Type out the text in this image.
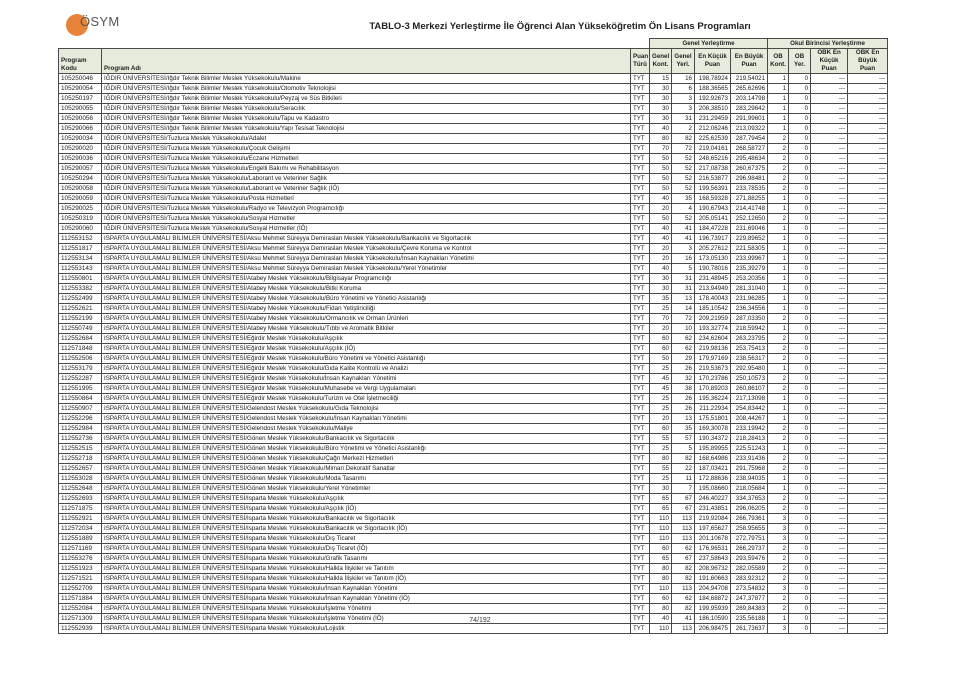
ÖSYM	TABLO-3 Merkezi Yerleştirme İle Öğrenci Alan Yükseköğretim Ön Lisans Programları
			Genel Yerleştirme				Okul Birincisi Yerleştirme			
Program Kodu	Program Adı	Puan Türü	Genel Kont.	Genel Yerl.	En Küçük Puan	En Büyük Puan	OB Kont.	OB Yer.	OBK En Küçük Puan	OBK En Büyük Puan
105250046	IĞDIR ÜNİVERSİTESİ/Iğdır Teknik Bilimler Meslek Yüksekokulu/Makine	TYT	15	16	198,78924	219,54021	1	0	---	---
105290054	IĞDIR ÜNİVERSİTESİ/Iğdır Teknik Bilimler Meslek Yüksekokulu/Otomotiv Teknolojisi	TYT	30	6	188,36565	265,62696	1	0	---	---
105250197	IĞDIR ÜNİVERSİTESİ/Iğdır Teknik Bilimler Meslek Yüksekokulu/Peyzaj ve Süs Bitkileri	TYT	30	3	192,92673	203,14798	1	0	---	---
105290055	IĞDIR ÜNİVERSİTESİ/Iğdır Teknik Bilimler Meslek Yüksekokulu/Seracılık	TYT	30	3	208,38510	283,29642	1	0	---	---
105290056	IĞDIR ÜNİVERSİTESİ/Iğdır Teknik Bilimler Meslek Yüksekokulu/Tapu ve Kadastro	TYT	30	31	231,29459	291,99601	1	0	---	---
105290066	IĞDIR ÜNİVERSİTESİ/Iğdır Teknik Bilimler Meslek Yüksekokulu/Yapı Tesisat Teknolojisi	TYT	40	2	212,06246	213,09322	1	0	---	---
105290034	IĞDIR ÜNİVERSİTESİ/Tuzluca Meslek Yüksekokulu/Adalet	TYT	80	82	225,62539	287,79454	2	0	---	---
105290020	IĞDIR ÜNİVERSİTESİ/Tuzluca Meslek Yüksekokulu/Çocuk Gelişimi	TYT	70	72	219,04161	268,58727	2	0	---	---
105290036	IĞDIR ÜNİVERSİTESİ/Tuzluca Meslek Yüksekokulu/Eczane Hizmetleri	TYT	50	52	248,65216	295,48634	2	0	---	---
105290057	IĞDIR ÜNİVERSİTESİ/Tuzluca Meslek Yüksekokulu/Engelli Bakımı ve Rehabilitasyon	TYT	50	52	217,08738	260,67375	2	0	---	---
105250294	IĞDIR ÜNİVERSİTESİ/Tuzluca Meslek Yüksekokulu/Laborant ve Veteriner Sağlık	TYT	50	52	216,53877	296,98481	2	0	---	---
105290058	IĞDIR ÜNİVERSİTESİ/Tuzluca Meslek Yüksekokulu/Laborant ve Veteriner Sağlık (İÖ)	TYT	50	52	199,56391	233,78535	2	0	---	---
105290059	IĞDIR ÜNİVERSİTESİ/Tuzluca Meslek Yüksekokulu/Posta Hizmetleri	TYT	40	35	168,59328	271,88255	1	0	---	---
105290025	IĞDIR ÜNİVERSİTESİ/Tuzluca Meslek Yüksekokulu/Radyo ve Televizyon Programcılığı	TYT	20	4	190,67943	214,41748	1	0	---	---
105250319	IĞDIR ÜNİVERSİTESİ/Tuzluca Meslek Yüksekokulu/Sosyal Hizmetler	TYT	50	52	205,05141	252,12650	2	0	---	---
105290060	IĞDIR ÜNİVERSİTESİ/Tuzluca Meslek Yüksekokulu/Sosyal Hizmetler (İÖ)	TYT	40	41	184,47228	231,69046	1	0	---	---
112553152	ISPARTA UYGULAMALI BİLİMLER ÜNİVERSİTESİ/Aksu Mehmet Süreyya Demiraslan Meslek Yüksekokulu/Bankacılık ve Sigortacılık	TYT	40	41	196,73917	229,89652	1	0	---	---
112551817	ISPARTA UYGULAMALI BİLİMLER ÜNİVERSİTESİ/Aksu Mehmet Süreyya Demiraslan Meslek Yüksekokulu/Çevre Koruma ve Kontrol	TYT	20	3	205,27612	221,58305	1	0	---	---
112553134	ISPARTA UYGULAMALI BİLİMLER ÜNİVERSİTESİ/Aksu Mehmet Süreyya Demiraslan Meslek Yüksekokulu/İnsan Kaynakları Yönetimi	TYT	20	16	173,05130	233,99967	1	0	---	---
112553143	ISPARTA UYGULAMALI BİLİMLER ÜNİVERSİTESİ/Aksu Mehmet Süreyya Demiraslan Meslek Yüksekokulu/Yerel Yönetimler	TYT	40	5	190,78016	235,39279	1	0	---	---
112550801	ISPARTA UYGULAMALI BİLİMLER ÜNİVERSİTESİ/Atabey Meslek Yüksekokulu/Bilgisayar Programcılığı	TYT	30	31	231,48945	253,20356	1	0	---	---
112553382	ISPARTA UYGULAMALI BİLİMLER ÜNİVERSİTESİ/Atabey Meslek Yüksekokulu/Bitki Koruma	TYT	30	31	213,94949	281,31040	1	0	---	---
112552499	ISPARTA UYGULAMALI BİLİMLER ÜNİVERSİTESİ/Atabey Meslek Yüksekokulu/Büro Yönetimi ve Yönetici Asistanlığı	TYT	35	13	178,40043	231,96285	1	0	---	---
112552621	ISPARTA UYGULAMALI BİLİMLER ÜNİVERSİTESİ/Atabey Meslek Yüksekokulu/Fidan Yetiştiriciliği	TYT	25	14	185,10542	236,34556	1	0	---	---
112552199	ISPARTA UYGULAMALI BİLİMLER ÜNİVERSİTESİ/Atabey Meslek Yüksekokulu/Ormancılık ve Orman Ürünleri	TYT	70	72	209,21959	287,03350	2	0	---	---
112550749	ISPARTA UYGULAMALI BİLİMLER ÜNİVERSİTESİ/Atabey Meslek Yüksekokulu/Tıbbi ve Aromatik Bitkiler	TYT	20	10	193,32774	218,59942	1	0	---	---
112552684	ISPARTA UYGULAMALI BİLİMLER ÜNİVERSİTESİ/Eğirdir Meslek Yüksekokulu/Aşçılık	TYT	60	62	234,62604	263,23795	2	0	---	---
112571848	ISPARTA UYGULAMALI BİLİMLER ÜNİVERSİTESİ/Eğirdir Meslek Yüksekokulu/Aşçılık (İÖ)	TYT	60	62	219,98136	253,75413	2	0	---	---
112552506	ISPARTA UYGULAMALI BİLİMLER ÜNİVERSİTESİ/Eğirdir Meslek Yüksekokulu/Büro Yönetimi ve Yönetici Asistanlığı	TYT	50	29	179,97169	238,56317	2	0	---	---
112553179	ISPARTA UYGULAMALI BİLİMLER ÜNİVERSİTESİ/Eğirdir Meslek Yüksekokulu/Gıda Kalite Kontrolü ve Analizi	TYT	25	26	219,53673	292,95480	1	0	---	---
112552287	ISPARTA UYGULAMALI BİLİMLER ÜNİVERSİTESİ/Eğirdir Meslek Yüksekokulu/İnsan Kaynakları Yönetimi	TYT	45	32	170,23786	250,10573	2	0	---	---
112551995	ISPARTA UYGULAMALI BİLİMLER ÜNİVERSİTESİ/Eğirdir Meslek Yüksekokulu/Muhasebe ve Vergi Uygulamaları	TYT	45	38	170,89203	260,86107	2	0	---	---
112550864	ISPARTA UYGULAMALI BİLİMLER ÜNİVERSİTESİ/Eğirdir Meslek Yüksekokulu/Turizm ve Otel İşletmeciliği	TYT	25	26	195,36224	217,13098	1	0	---	---
112550907	ISPARTA UYGULAMALI BİLİMLER ÜNİVERSİTESİ/Gelendost Meslek Yüksekokulu/Gıda Teknolojisi	TYT	25	26	211,22934	254,83442	1	0	---	---
112552296	ISPARTA UYGULAMALI BİLİMLER ÜNİVERSİTESİ/Gelendost Meslek Yüksekokulu/İnsan Kaynakları Yönetimi	TYT	20	13	175,51801	208,44267	1	0	---	---
112552984	ISPARTA UYGULAMALI BİLİMLER ÜNİVERSİTESİ/Gelendost Meslek Yüksekokulu/Maliye	TYT	60	35	169,30078	233,19942	2	0	---	---
112552736	ISPARTA UYGULAMALI BİLİMLER ÜNİVERSİTESİ/Gönen Meslek Yüksekokulu/Bankacılık ve Sigortacılık	TYT	55	57	190,34372	218,28413	2	0	---	---
112552515	ISPARTA UYGULAMALI BİLİMLER ÜNİVERSİTESİ/Gönen Meslek Yüksekokulu/Büro Yönetimi ve Yönetici Asistanlığı	TYT	25	5	195,89955	225,51243	1	0	---	---
112552718	ISPARTA UYGULAMALI BİLİMLER ÜNİVERSİTESİ/Gönen Meslek Yüksekokulu/Çağrı Merkezi Hizmetleri	TYT	80	82	168,64986	233,91436	2	0	---	---
112552657	ISPARTA UYGULAMALI BİLİMLER ÜNİVERSİTESİ/Gönen Meslek Yüksekokulu/Mimari Dekoratif Sanatlar	TYT	55	22	187,03421	291,75968	2	0	---	---
112553028	ISPARTA UYGULAMALI BİLİMLER ÜNİVERSİTESİ/Gönen Meslek Yüksekokulu/Moda Tasarımı	TYT	25	11	172,88636	238,94035	1	0	---	---
112552648	ISPARTA UYGULAMALI BİLİMLER ÜNİVERSİTESİ/Gönen Meslek Yüksekokulu/Yerel Yönetimler	TYT	30	7	195,08660	218,05684	1	0	---	---
112552693	ISPARTA UYGULAMALI BİLİMLER ÜNİVERSİTESİ/Isparta Meslek Yüksekokulu/Aşçılık	TYT	65	67	246,40227	334,37653	2	0	---	---
112571875	ISPARTA UYGULAMALI BİLİMLER ÜNİVERSİTESİ/Isparta Meslek Yüksekokulu/Aşçılık (İÖ)	TYT	65	67	231,43851	296,06205	2	0	---	---
112552921	ISPARTA UYGULAMALI BİLİMLER ÜNİVERSİTESİ/Isparta Meslek Yüksekokulu/Bankacılık ve Sigortacılık	TYT	110	113	219,92084	266,79361	3	0	---	---
112572034	ISPARTA UYGULAMALI BİLİMLER ÜNİVERSİTESİ/Isparta Meslek Yüksekokulu/Bankacılık ve Sigortacılık (İÖ)	TYT	110	113	197,65627	258,95655	3	0	---	---
112551889	ISPARTA UYGULAMALI BİLİMLER ÜNİVERSİTESİ/Isparta Meslek Yüksekokulu/Dış Ticaret	TYT	110	113	201,10678	272,79751	3	0	---	---
112571169	ISPARTA UYGULAMALI BİLİMLER ÜNİVERSİTESİ/Isparta Meslek Yüksekokulu/Dış Ticaret (İÖ)	TYT	60	62	176,96531	266,29737	2	0	---	---
112553276	ISPARTA UYGULAMALI BİLİMLER ÜNİVERSİTESİ/Isparta Meslek Yüksekokulu/Grafik Tasarımı	TYT	65	67	237,58643	293,59476	2	0	---	---
112551923	ISPARTA UYGULAMALI BİLİMLER ÜNİVERSİTESİ/Isparta Meslek Yüksekokulu/Halkla İlişkiler ve Tanıtım	TYT	80	82	208,96732	282,05589	2	0	---	---
112571521	ISPARTA UYGULAMALI BİLİMLER ÜNİVERSİTESİ/Isparta Meslek Yüksekokulu/Halkla İlişkiler ve Tanıtım (İÖ)	TYT	80	82	191,60663	283,92312	2	0	---	---
112552709	ISPARTA UYGULAMALI BİLİMLER ÜNİVERSİTESİ/Isparta Meslek Yüksekokulu/İnsan Kaynakları Yönetimi	TYT	110	113	204,94708	273,54832	3	0	---	---
112571884	ISPARTA UYGULAMALI BİLİMLER ÜNİVERSİTESİ/Isparta Meslek Yüksekokulu/İnsan Kaynakları Yönetimi (İÖ)	TYT	60	62	184,68872	247,37877	2	0	---	---
112552084	ISPARTA UYGULAMALI BİLİMLER ÜNİVERSİTESİ/Isparta Meslek Yüksekokulu/İşletme Yönetimi	TYT	80	82	199,95939	269,84383	2	0	---	---
112571309	ISPARTA UYGULAMALI BİLİMLER ÜNİVERSİTESİ/Isparta Meslek Yüksekokulu/İşletme Yönetimi (İÖ)	TYT	40	41	186,10590	235,56188	1	0	---	---
112552939	ISPARTA UYGULAMALI BİLİMLER ÜNİVERSİTESİ/Isparta Meslek Yüksekokulu/Lojistik	TYT	110	113	206,98475	261,73637	3	0	---	---
74/192
